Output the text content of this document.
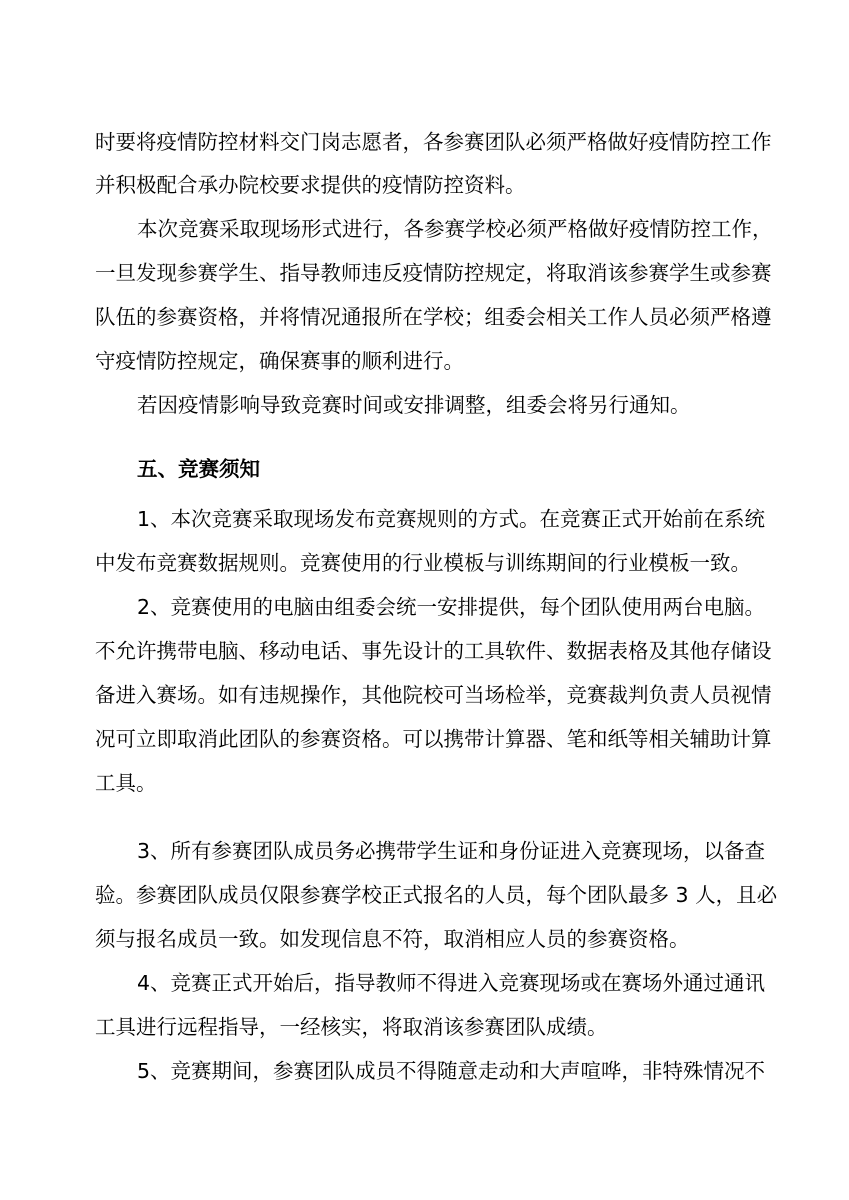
时要将疫情防控材料交门岗志愿者，各参赛团队必须严格做好疫情防控工作
并积极配合承办院校要求提供的疫情防控资料。
本次竞赛采取现场形式进行，各参赛学校必须严格做好疫情防控工作，
一旦发现参赛学生、指导教师违反疫情防控规定，将取消该参赛学生或参赛
队伍的参赛资格，并将情况通报所在学校；组委会相关工作人员必须严格遵
守疫情防控规定，确保赛事的顺利进行。
若因疫情影响导致竞赛时间或安排调整，组委会将另行通知。
五、竞赛须知
1、本次竞赛采取现场发布竞赛规则的方式。在竞赛正式开始前在系统
中发布竞赛数据规则。竞赛使用的行业模板与训练期间的行业模板一致。
2、竞赛使用的电脑由组委会统一安排提供，每个团队使用两台电脑。
不允许携带电脑、移动电话、事先设计的工具软件、数据表格及其他存储设
备进入赛场。如有违规操作，其他院校可当场检举，竞赛裁判负责人员视情
况可立即取消此团队的参赛资格。可以携带计算器、笔和纸等相关辅助计算
工具。
3、所有参赛团队成员务必携带学生证和身份证进入竞赛现场，以备查
验。参赛团队成员仅限参赛学校正式报名的人员，每个团队最多 3 人，且必
须与报名成员一致。如发现信息不符，取消相应人员的参赛资格。
4、竞赛正式开始后，指导教师不得进入竞赛现场或在赛场外通过通讯
工具进行远程指导，一经核实，将取消该参赛团队成绩。
5、竞赛期间，参赛团队成员不得随意走动和大声喧哗，非特殊情况不
